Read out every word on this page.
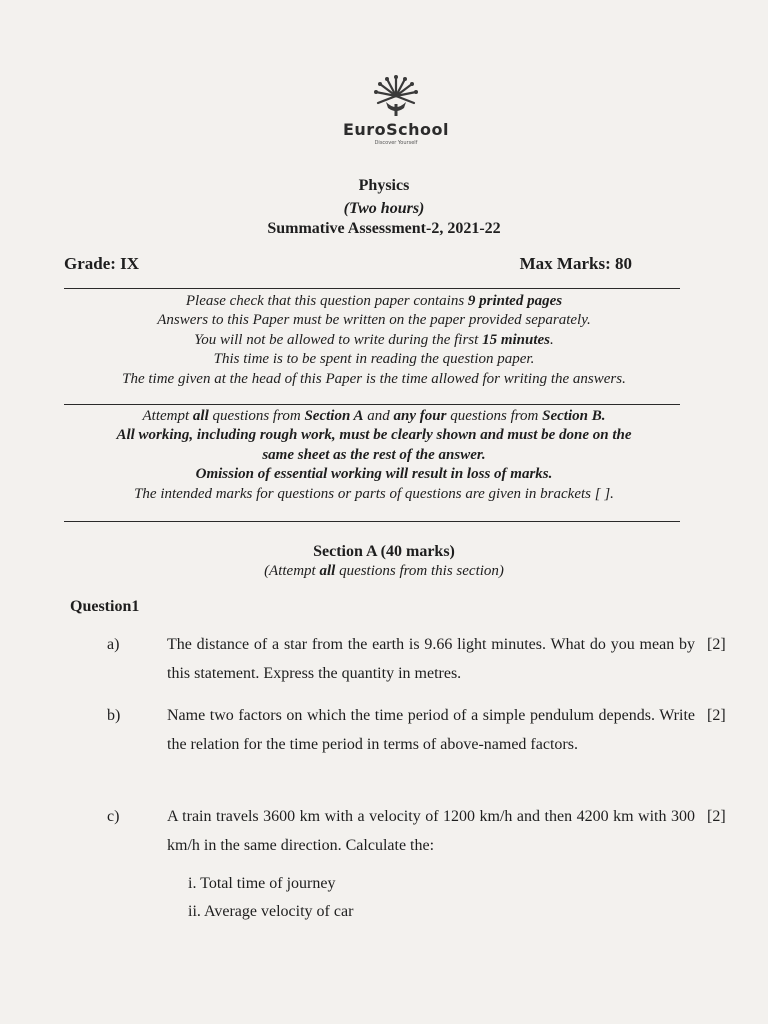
EuroSchool
Discover Yourself
Physics
(Two hours)
Summative Assessment-2, 2021-22
Grade: IX	Max Marks: 80
Please check that this question paper contains 9 printed pages
Answers to this Paper must be written on the paper provided separately.
You will not be allowed to write during the first 15 minutes.
This time is to be spent in reading the question paper.
The time given at the head of this Paper is the time allowed for writing the answers.
Attempt all questions from Section A and any four questions from Section B.
All working, including rough work, must be clearly shown and must be done on the
same sheet as the rest of the answer.
Omission of essential working will result in loss of marks.
The intended marks for questions or parts of questions are given in brackets [ ].
Section A (40 marks)
(Attempt all questions from this section)
Question1
a)	The distance of a star from the earth is 9.66 light minutes. What do you mean by this statement. Express the quantity in metres.
[2]
b)	Name two factors on which the time period of a simple pendulum depends. Write the relation for the time period in terms of above-named factors.
[2]
c)	A train travels 3600 km with a velocity of 1200 km/h and then 4200 km with 300 km/h in the same direction. Calculate the:
[2]
i. Total time of journey
ii. Average velocity of car
